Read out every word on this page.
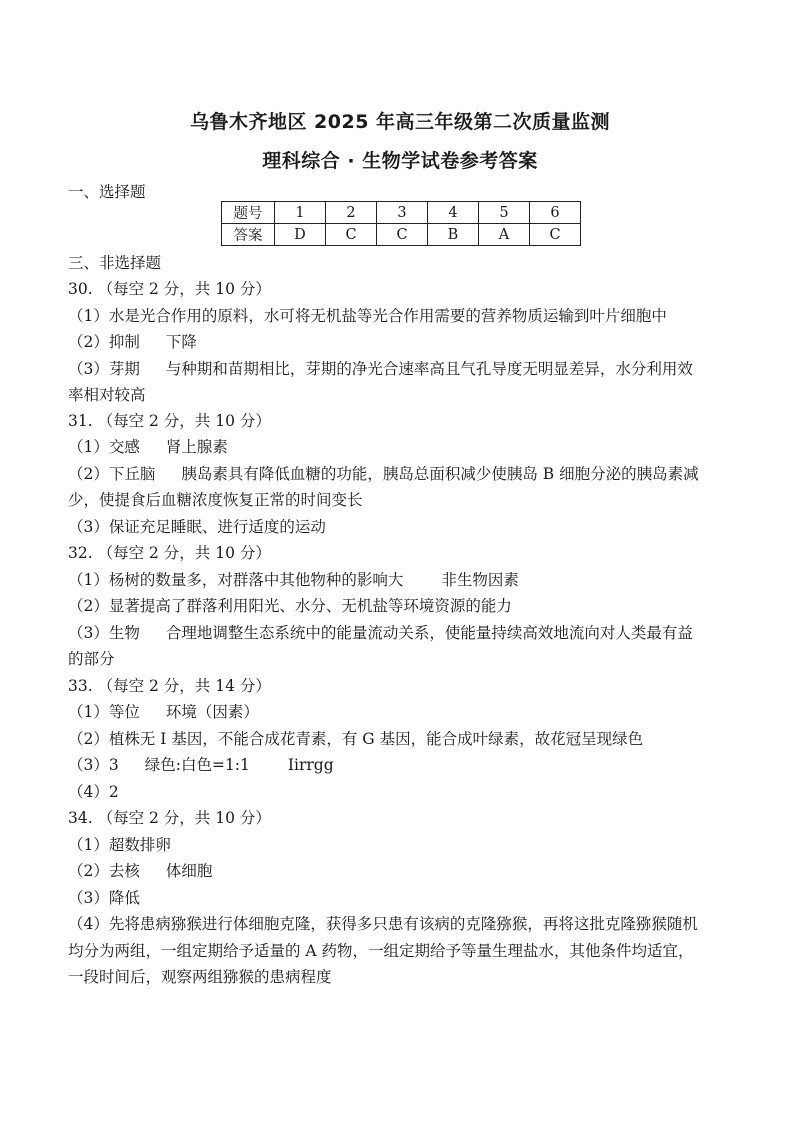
乌鲁木齐地区 2025 年高三年级第二次质量监测
理科综合 · 生物学试卷参考答案
一、选择题
题号	1	2	3	4	5	6
答案	D	C	C	B	A	C
三、非选择题
30. （每空 2 分，共 10 分）
（1）水是光合作用的原料，水可将无机盐等光合作用需要的营养物质运输到叶片细胞中
（2）抑制 下降
（3）芽期 与种期和苗期相比，芽期的净光合速率高且气孔导度无明显差异，水分利用效
率相对较高
31. （每空 2 分，共 10 分）
（1）交感 肾上腺素
（2）下丘脑 胰岛素具有降低血糖的功能，胰岛总面积减少使胰岛 B 细胞分泌的胰岛素减
少，使提食后血糖浓度恢复正常的时间变长
（3）保证充足睡眠、进行适度的运动
32. （每空 2 分，共 10 分）
（1）杨树的数量多，对群落中其他物种的影响大 非生物因素
（2）显著提高了群落利用阳光、水分、无机盐等环境资源的能力
（3）生物 合理地调整生态系统中的能量流动关系，使能量持续高效地流向对人类最有益
的部分
33. （每空 2 分，共 14 分）
（1）等位 环境（因素）
（2）植株无 I 基因，不能合成花青素，有 G 基因，能合成叶绿素，故花冠呈现绿色
（3）3 绿色:白色=1:1 Iirrgg
（4）2
34. （每空 2 分，共 10 分）
（1）超数排卵
（2）去核 体细胞
（3）降低
（4）先将患病猕猴进行体细胞克隆，获得多只患有该病的克隆猕猴，再将这批克隆猕猴随机
均分为两组，一组定期给予适量的 A 药物，一组定期给予等量生理盐水，其他条件均适宜，
一段时间后，观察两组猕猴的患病程度
